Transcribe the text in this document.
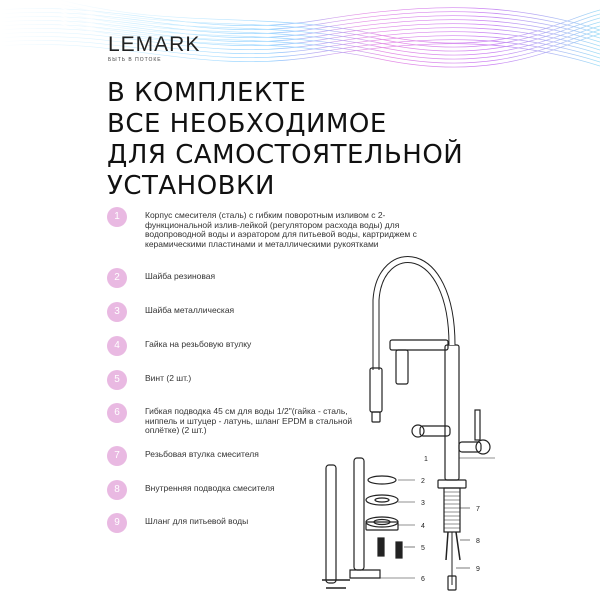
LEMARK
БЫТЬ В ПОТОКЕ
В КОМПЛЕКТЕ
ВСЕ НЕОБХОДИМОЕ
ДЛЯ САМОСТОЯТЕЛЬНОЙ
УСТАНОВКИ
1	Корпус смесителя (сталь) с гибким поворотным изливом с 2-функциональной излив-лейкой (регулятором расхода воды) для водопроводной воды и аэратором для питьевой воды, картриджем с керамическими пластинами и металлическими рукоятками
2	Шайба резиновая
3	Шайба металлическая
4	Гайка на резьбовую втулку
5	Винт (2 шт.)
6	Гибкая подводка 45 см для воды 1/2"(гайка - сталь, ниппель и штуцер - латунь, шланг EPDM в стальной оплётке) (2 шт.)
7	Резьбовая втулка смесителя
8	Внутренняя подводка смесителя
9	Шланг для питьевой воды
1
2
3
4
5
6
7
8
9
